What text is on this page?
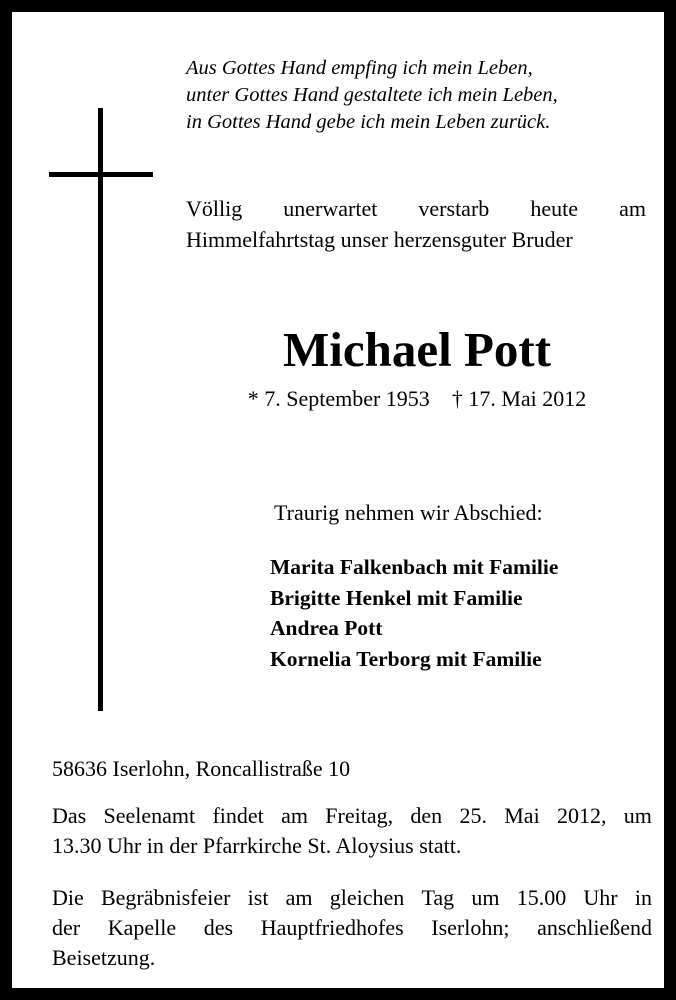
Aus Gottes Hand empfing ich mein Leben,
unter Gottes Hand gestaltete ich mein Leben,
in Gottes Hand gebe ich mein Leben zurück.

Völlig unerwartet verstarb heute am
Himmelfahrtstag unser herzensguter Bruder

Michael Pott
* 7. September 1953 † 17. Mai 2012
Traurig nehmen wir Abschied:
Marita Falkenbach mit Familie
Brigitte Henkel mit Familie
Andrea Pott
Kornelia Terborg mit Familie
58636 Iserlohn, Roncallistraße 10

Das Seelenamt findet am Freitag, den 25. Mai 2012, um
13.30 Uhr in der Pfarrkirche St. Aloysius statt.

Die Begräbnisfeier ist am gleichen Tag um 15.00 Uhr in
der Kapelle des Hauptfriedhofes Iserlohn; anschließend
Beisetzung.
